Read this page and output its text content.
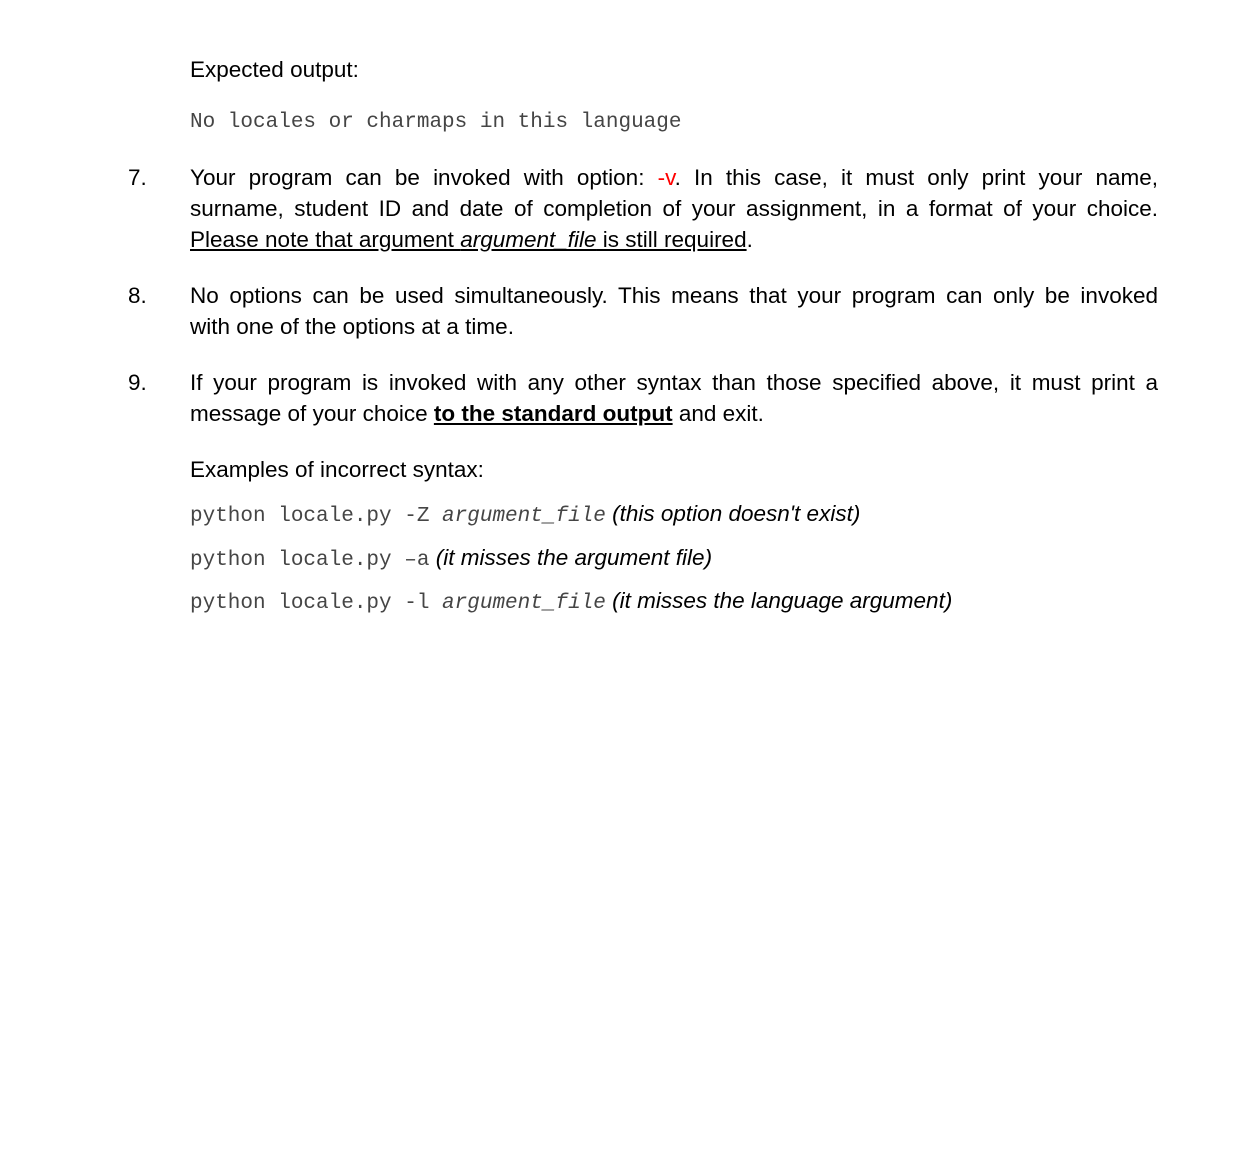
Expected output:
No locales or charmaps in this language
7. Your program can be invoked with option: -v. In this case, it must only print your name,
surname, student ID and date of completion of your assignment, in a format of your choice.
Please note that argument argument_file is still required.
8. No options can be used simultaneously. This means that your program can only be invoked
with one of the options at a time.
9. If your program is invoked with any other syntax than those specified above, it must print a
message of your choice to the standard output and exit.
Examples of incorrect syntax:
python locale.py -Z argument_file (this option doesn't exist)
python locale.py –a (it misses the argument file)
python locale.py -l argument_file (it misses the language argument)
